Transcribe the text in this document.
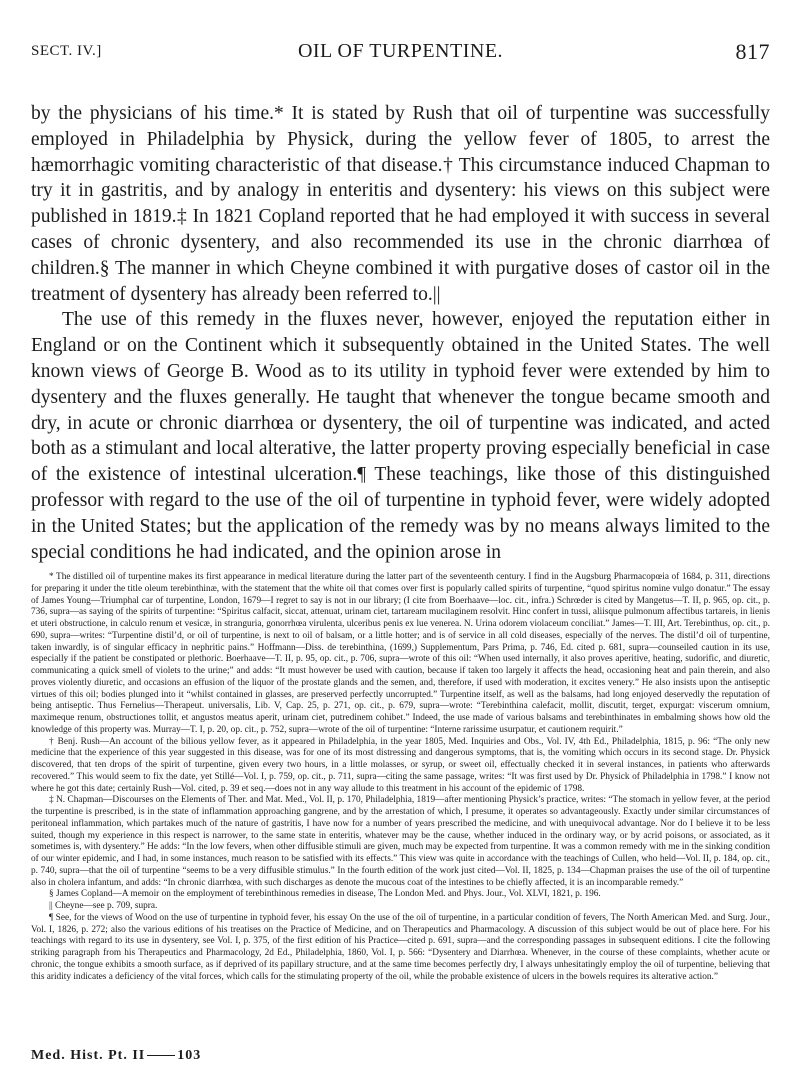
SECT. IV.]	OIL OF TURPENTINE.	817

by the physicians of his time.* It is stated by Rush that oil of turpentine was successfully employed in Philadelphia by Physick, during the yellow fever of 1805, to arrest the hæmorrhagic vomiting characteristic of that disease.† This circumstance induced Chapman to try it in gastritis, and by analogy in enteritis and dysentery: his views on this subject were published in 1819.‡ In 1821 Copland reported that he had employed it with success in several cases of chronic dysentery, and also recommended its use in the chronic diarrhœa of children.§ The manner in which Cheyne combined it with purgative doses of castor oil in the treatment of dysentery has already been referred to.||

The use of this remedy in the fluxes never, however, enjoyed the reputation either in England or on the Continent which it subsequently obtained in the United States. The well known views of George B. Wood as to its utility in typhoid fever were extended by him to dysentery and the fluxes generally. He taught that whenever the tongue became smooth and dry, in acute or chronic diarrhœa or dysentery, the oil of turpentine was indicated, and acted both as a stimulant and local alterative, the latter property proving especially beneficial in case of the existence of intestinal ulceration.¶ These teachings, like those of this distinguished professor with regard to the use of the oil of turpentine in typhoid fever, were widely adopted in the United States; but the application of the remedy was by no means always limited to the special conditions he had indicated, and the opinion arose in

* The distilled oil of turpentine makes its first appearance in medical literature during the latter part of the seventeenth century. I find in the Augsburg Pharmacopœia of 1684, p. 311, directions for preparing it under the title oleum terebinthinæ, with the statement that the white oil that comes over first is popularly called spirits of turpentine, “quod spiritus nomine vulgo donatur.” The essay of James Young—Triumphal car of turpentine, London, 1679—I regret to say is not in our library; (I cite from Boerhaave—loc. cit., infra.) Schrœder is cited by Mangetus—T. II, p. 965, op. cit., p. 736, supra—as saying of the spirits of turpentine: “Spiritus calfacit, siccat, attenuat, urinam ciet, tartaream mucilaginem resolvit. Hinc confert in tussi, aliisque pulmonum affectibus tartareis, in lienis et uteri obstructione, in calculo renum et vesicæ, in stranguria, gonorrhœa virulenta, ulceribus penis ex lue venerea. N. Urina odorem violaceum conciliat.” James—T. III, Art. Terebinthus, op. cit., p. 690, supra—writes: “Turpentine distil’d, or oil of turpentine, is next to oil of balsam, or a little hotter; and is of service in all cold diseases, especially of the nerves. The distil’d oil of turpentine, taken inwardly, is of singular efficacy in nephritic pains.” Hoffmann—Diss. de terebinthina, (1699,) Supplementum, Pars Prima, p. 746, Ed. cited p. 681, supra—counseiled caution in its use, especially if the patient be constipated or plethoric. Boerhaave—T. II, p. 95, op. cit., p. 706, supra—wrote of this oil: “When used internally, it also proves aperitive, heating, sudorific, and diuretic, communicating a quick smell of violets to the urine;” and adds: “It must however be used with caution, because if taken too largely it affects the head, occasioning heat and pain therein, and also proves violently diuretic, and occasions an effusion of the liquor of the prostate glands and the semen, and, therefore, if used with moderation, it excites venery.” He also insists upon the antiseptic virtues of this oil; bodies plunged into it “whilst contained in glasses, are preserved perfectly uncorrupted.” Turpentine itself, as well as the balsams, had long enjoyed deservedly the reputation of being antiseptic. Thus Fernelius—Therapeut. universalis, Lib. V, Cap. 25, p. 271, op. cit., p. 679, supra—wrote: “Terebinthina calefacit, mollit, discutit, terget, expurgat: viscerum omnium, maximeque renum, obstructiones tollit, et angustos meatus aperit, urinam ciet, putredinem cohibet.” Indeed, the use made of various balsams and terebinthinates in embalming shows how old the knowledge of this property was. Murray—T. I, p. 20, op. cit., p. 752, supra—wrote of the oil of turpentine: “Interne rarissime usurpatur, et cautionem requirit.”

† Benj. Rush—An account of the bilious yellow fever, as it appeared in Philadelphia, in the year 1805, Med. Inquiries and Obs., Vol. IV, 4th Ed., Philadelphia, 1815, p. 96: “The only new medicine that the experience of this year suggested in this disease, was for one of its most distressing and dangerous symptoms, that is, the vomiting which occurs in its second stage. Dr. Physick discovered, that ten drops of the spirit of turpentine, given every two hours, in a little molasses, or syrup, or sweet oil, effectually checked it in several instances, in patients who afterwards recovered.” This would seem to fix the date, yet Stillé—Vol. I, p. 759, op. cit., p. 711, supra—citing the same passage, writes: “It was first used by Dr. Physick of Philadelphia in 1798.” I know not where he got this date; certainly Rush—Vol. cited, p. 39 et seq.—does not in any way allude to this treatment in his account of the epidemic of 1798.

‡ N. Chapman—Discourses on the Elements of Ther. and Mat. Med., Vol. II, p. 170, Philadelphia, 1819—after mentioning Physick’s practice, writes: “The stomach in yellow fever, at the period the turpentine is prescribed, is in the state of inflammation approaching gangrene, and by the arrestation of which, I presume, it operates so advantageously. Exactly under similar circumstances of peritoneal inflammation, which partakes much of the nature of gastritis, I have now for a number of years prescribed the medicine, and with unequivocal advantage. Nor do I believe it to be less suited, though my experience in this respect is narrower, to the same state in enteritis, whatever may be the cause, whether induced in the ordinary way, or by acrid poisons, or associated, as it sometimes is, with dysentery.” He adds: “In the low fevers, when other diffusible stimuli are given, much may be expected from turpentine. It was a common remedy with me in the sinking condition of our winter epidemic, and I had, in some instances, much reason to be satisfied with its effects.” This view was quite in accordance with the teachings of Cullen, who held—Vol. II, p. 184, op. cit., p. 740, supra—that the oil of turpentine “seems to be a very diffusible stimulus.” In the fourth edition of the work just cited—Vol. II, 1825, p. 134—Chapman praises the use of the oil of turpentine also in cholera infantum, and adds: “In chronic diarrhœa, with such discharges as denote the mucous coat of the intestines to be chiefly affected, it is an incomparable remedy.”

§ James Copland—A memoir on the employment of terebinthinous remedies in disease, The London Med. and Phys. Jour., Vol. XLVI, 1821, p. 196.

|| Cheyne—see p. 709, supra.

¶ See, for the views of Wood on the use of turpentine in typhoid fever, his essay On the use of the oil of turpentine, in a particular condition of fevers, The North American Med. and Surg. Jour., Vol. I, 1826, p. 272; also the various editions of his treatises on the Practice of Medicine, and on Therapeutics and Pharmacology. A discussion of this subject would be out of place here. For his teachings with regard to its use in dysentery, see Vol. I, p. 375, of the first edition of his Practice—cited p. 691, supra—and the corresponding passages in subsequent editions. I cite the following striking paragraph from his Therapeutics and Pharmacology, 2d Ed., Philadelphia, 1860, Vol. I, p. 566: “Dysentery and Diarrhœa. Whenever, in the course of these complaints, whether acute or chronic, the tongue exhibits a smooth surface, as if deprived of its papillary structure, and at the same time becomes perfectly dry, I always unhesitatingly employ the oil of turpentine, believing that this aridity indicates a deficiency of the vital forces, which calls for the stimulating property of the oil, while the probable existence of ulcers in the bowels requires its alterative action.”

Med. Hist. Pt. II 103
